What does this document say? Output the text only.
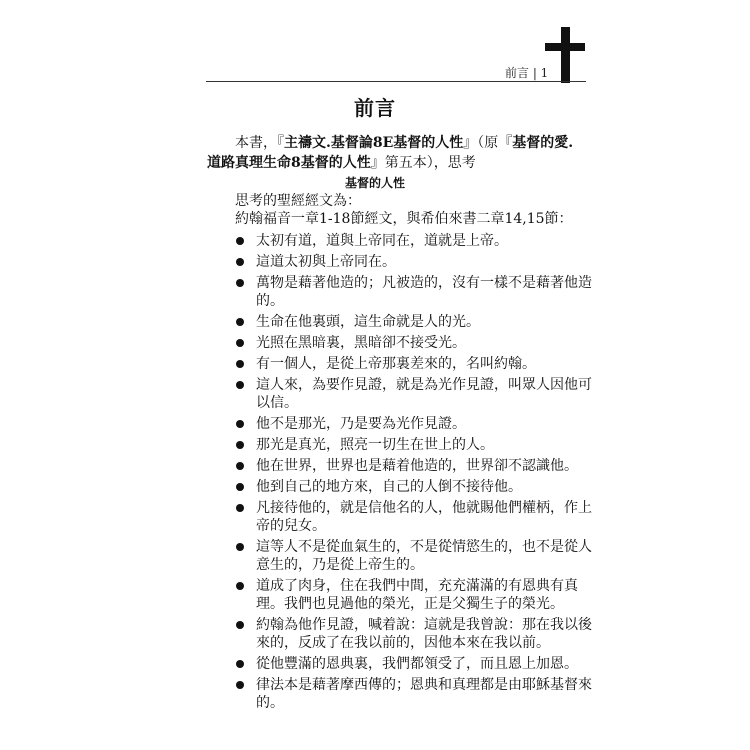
前言 | 1
前言
本書，『主禱文.基督論8E基督的人性』（原『基督的愛.道路真理生命8基督的人性』第五本），思考
基督的人性
思考的聖經經文為：
約翰福音一章1-18節經文，與希伯來書二章14,15節：
太初有道，道與上帝同在，道就是上帝。
這道太初與上帝同在。
萬物是藉著他造的；凡被造的，沒有一樣不是藉著他造的。
生命在他裏頭，這生命就是人的光。
光照在黑暗裏，黑暗卻不接受光。
有一個人，是從上帝那裏差來的，名叫約翰。
這人來，為要作見證，就是為光作見證，叫眾人因他可以信。
他不是那光，乃是要為光作見證。
那光是真光，照亮一切生在世上的人。
他在世界，世界也是藉着他造的，世界卻不認識他。
他到自己的地方來，自己的人倒不接待他。
凡接待他的，就是信他名的人，他就賜他們權柄，作上帝的兒女。
這等人不是從血氣生的，不是從情慾生的，也不是從人意生的，乃是從上帝生的。
道成了肉身，住在我們中間，充充滿滿的有恩典有真理。我們也見過他的榮光，正是父獨生子的榮光。
約翰為他作見證，喊着說：這就是我曾說：那在我以後來的，反成了在我以前的，因他本來在我以前。
從他豐滿的恩典裏，我們都領受了，而且恩上加恩。
律法本是藉著摩西傳的；恩典和真理都是由耶穌基督來的。
